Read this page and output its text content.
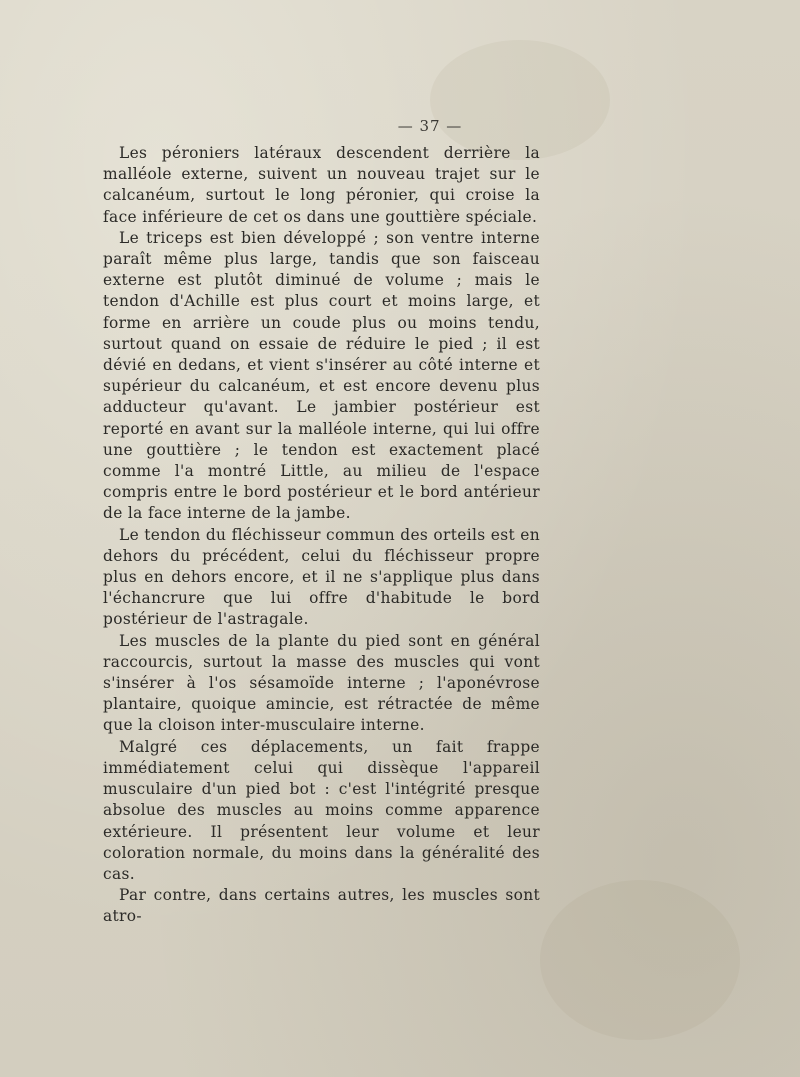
— 37 —

Les péroniers latéraux descendent derrière la malléole externe, suivent un nouveau trajet sur le calcanéum, surtout le long péronier, qui croise la face inférieure de cet os dans une gouttière spéciale.

Le triceps est bien développé ; son ventre interne paraît même plus large, tandis que son faisceau externe est plutôt diminué de volume ; mais le tendon d'Achille est plus court et moins large, et forme en arrière un coude plus ou moins tendu, surtout quand on essaie de réduire le pied ; il est dévié en dedans, et vient s'insérer au côté interne et supérieur du calcanéum, et est encore devenu plus adducteur qu'avant. Le jambier postérieur est reporté en avant sur la malléole interne, qui lui offre une gouttière ; le tendon est exactement placé comme l'a montré Little, au milieu de l'espace compris entre le bord postérieur et le bord antérieur de la face interne de la jambe.

Le tendon du fléchisseur commun des orteils est en dehors du précédent, celui du fléchisseur propre plus en dehors encore, et il ne s'applique plus dans l'échancrure que lui offre d'habitude le bord postérieur de l'astragale.

Les muscles de la plante du pied sont en général raccourcis, surtout la masse des muscles qui vont s'insérer à l'os sésamoïde interne ; l'aponévrose plantaire, quoique amincie, est rétractée de même que la cloison inter-musculaire interne.

Malgré ces déplacements, un fait frappe immédiatement celui qui dissèque l'appareil musculaire d'un pied bot : c'est l'intégrité presque absolue des muscles au moins comme apparence extérieure. Il présentent leur volume et leur coloration normale, du moins dans la généralité des cas.

Par contre, dans certains autres, les muscles sont atro-
